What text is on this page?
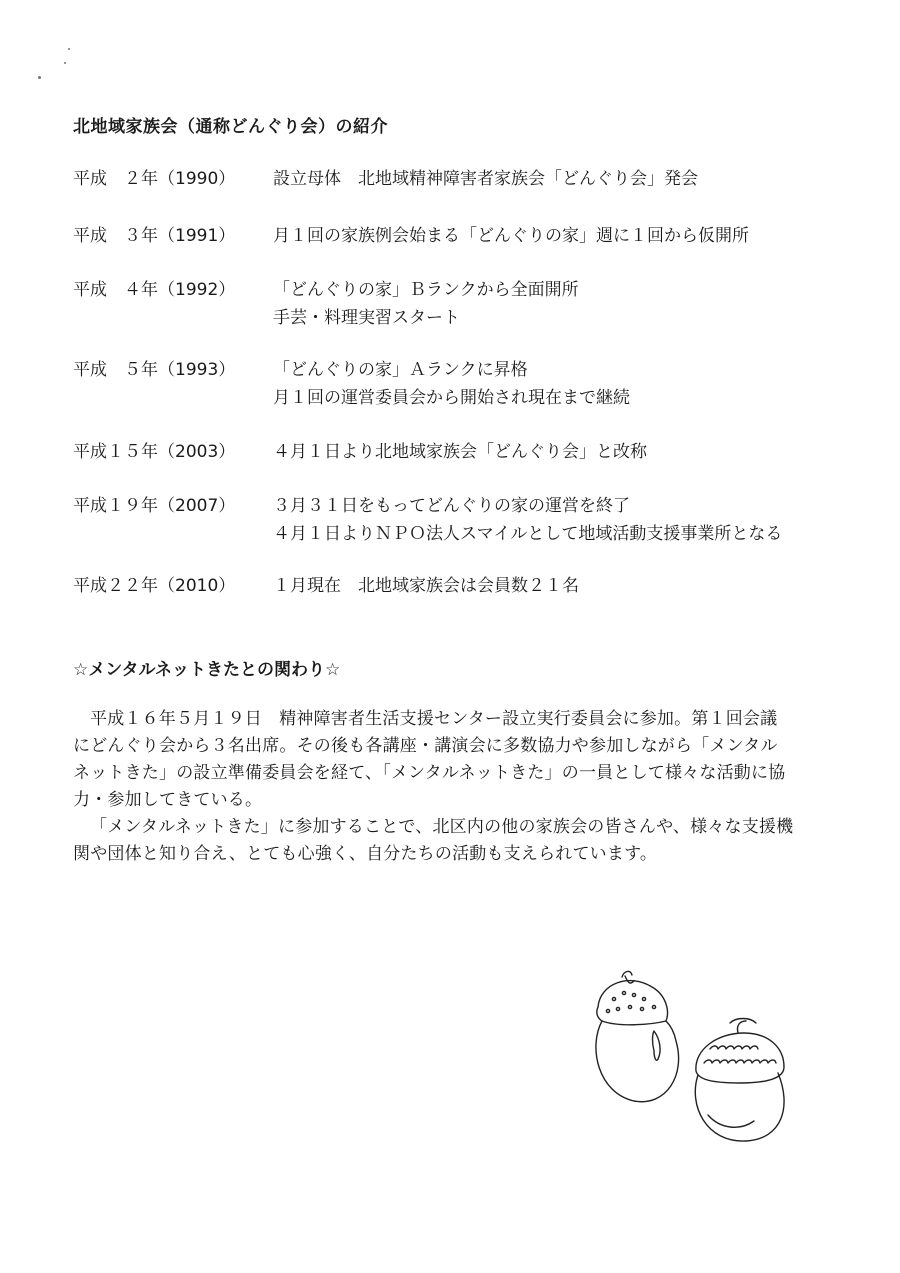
北地域家族会（通称どんぐり会）の紹介
平成　２年（1990）	設立母体　北地域精神障害者家族会「どんぐり会」発会
平成　３年（1991）	月１回の家族例会始まる「どんぐりの家」週に１回から仮開所
平成　４年（1992）	「どんぐりの家」Ｂランクから全面開所
手芸・料理実習スタート
平成　５年（1993）	「どんぐりの家」Ａランクに昇格
月１回の運営委員会から開始され現在まで継続
平成１５年（2003）	４月１日より北地域家族会「どんぐり会」と改称
平成１９年（2007）	３月３１日をもってどんぐりの家の運営を終了
４月１日よりＮＰＯ法人スマイルとして地域活動支援事業所となる
平成２２年（2010）	１月現在　北地域家族会は会員数２１名
☆メンタルネットきたとの関わり☆

平成１６年５月１９日　精神障害者生活支援センター設立実行委員会に参加。第１回会議
にどんぐり会から３名出席。その後も各講座・講演会に多数協力や参加しながら「メンタル
ネットきた」の設立準備委員会を経て、「メンタルネットきた」の一員として様々な活動に協
力・参加してきている。

「メンタルネットきた」に参加することで、北区内の他の家族会の皆さんや、様々な支援機
関や団体と知り合え、とても心強く、自分たちの活動も支えられています。
